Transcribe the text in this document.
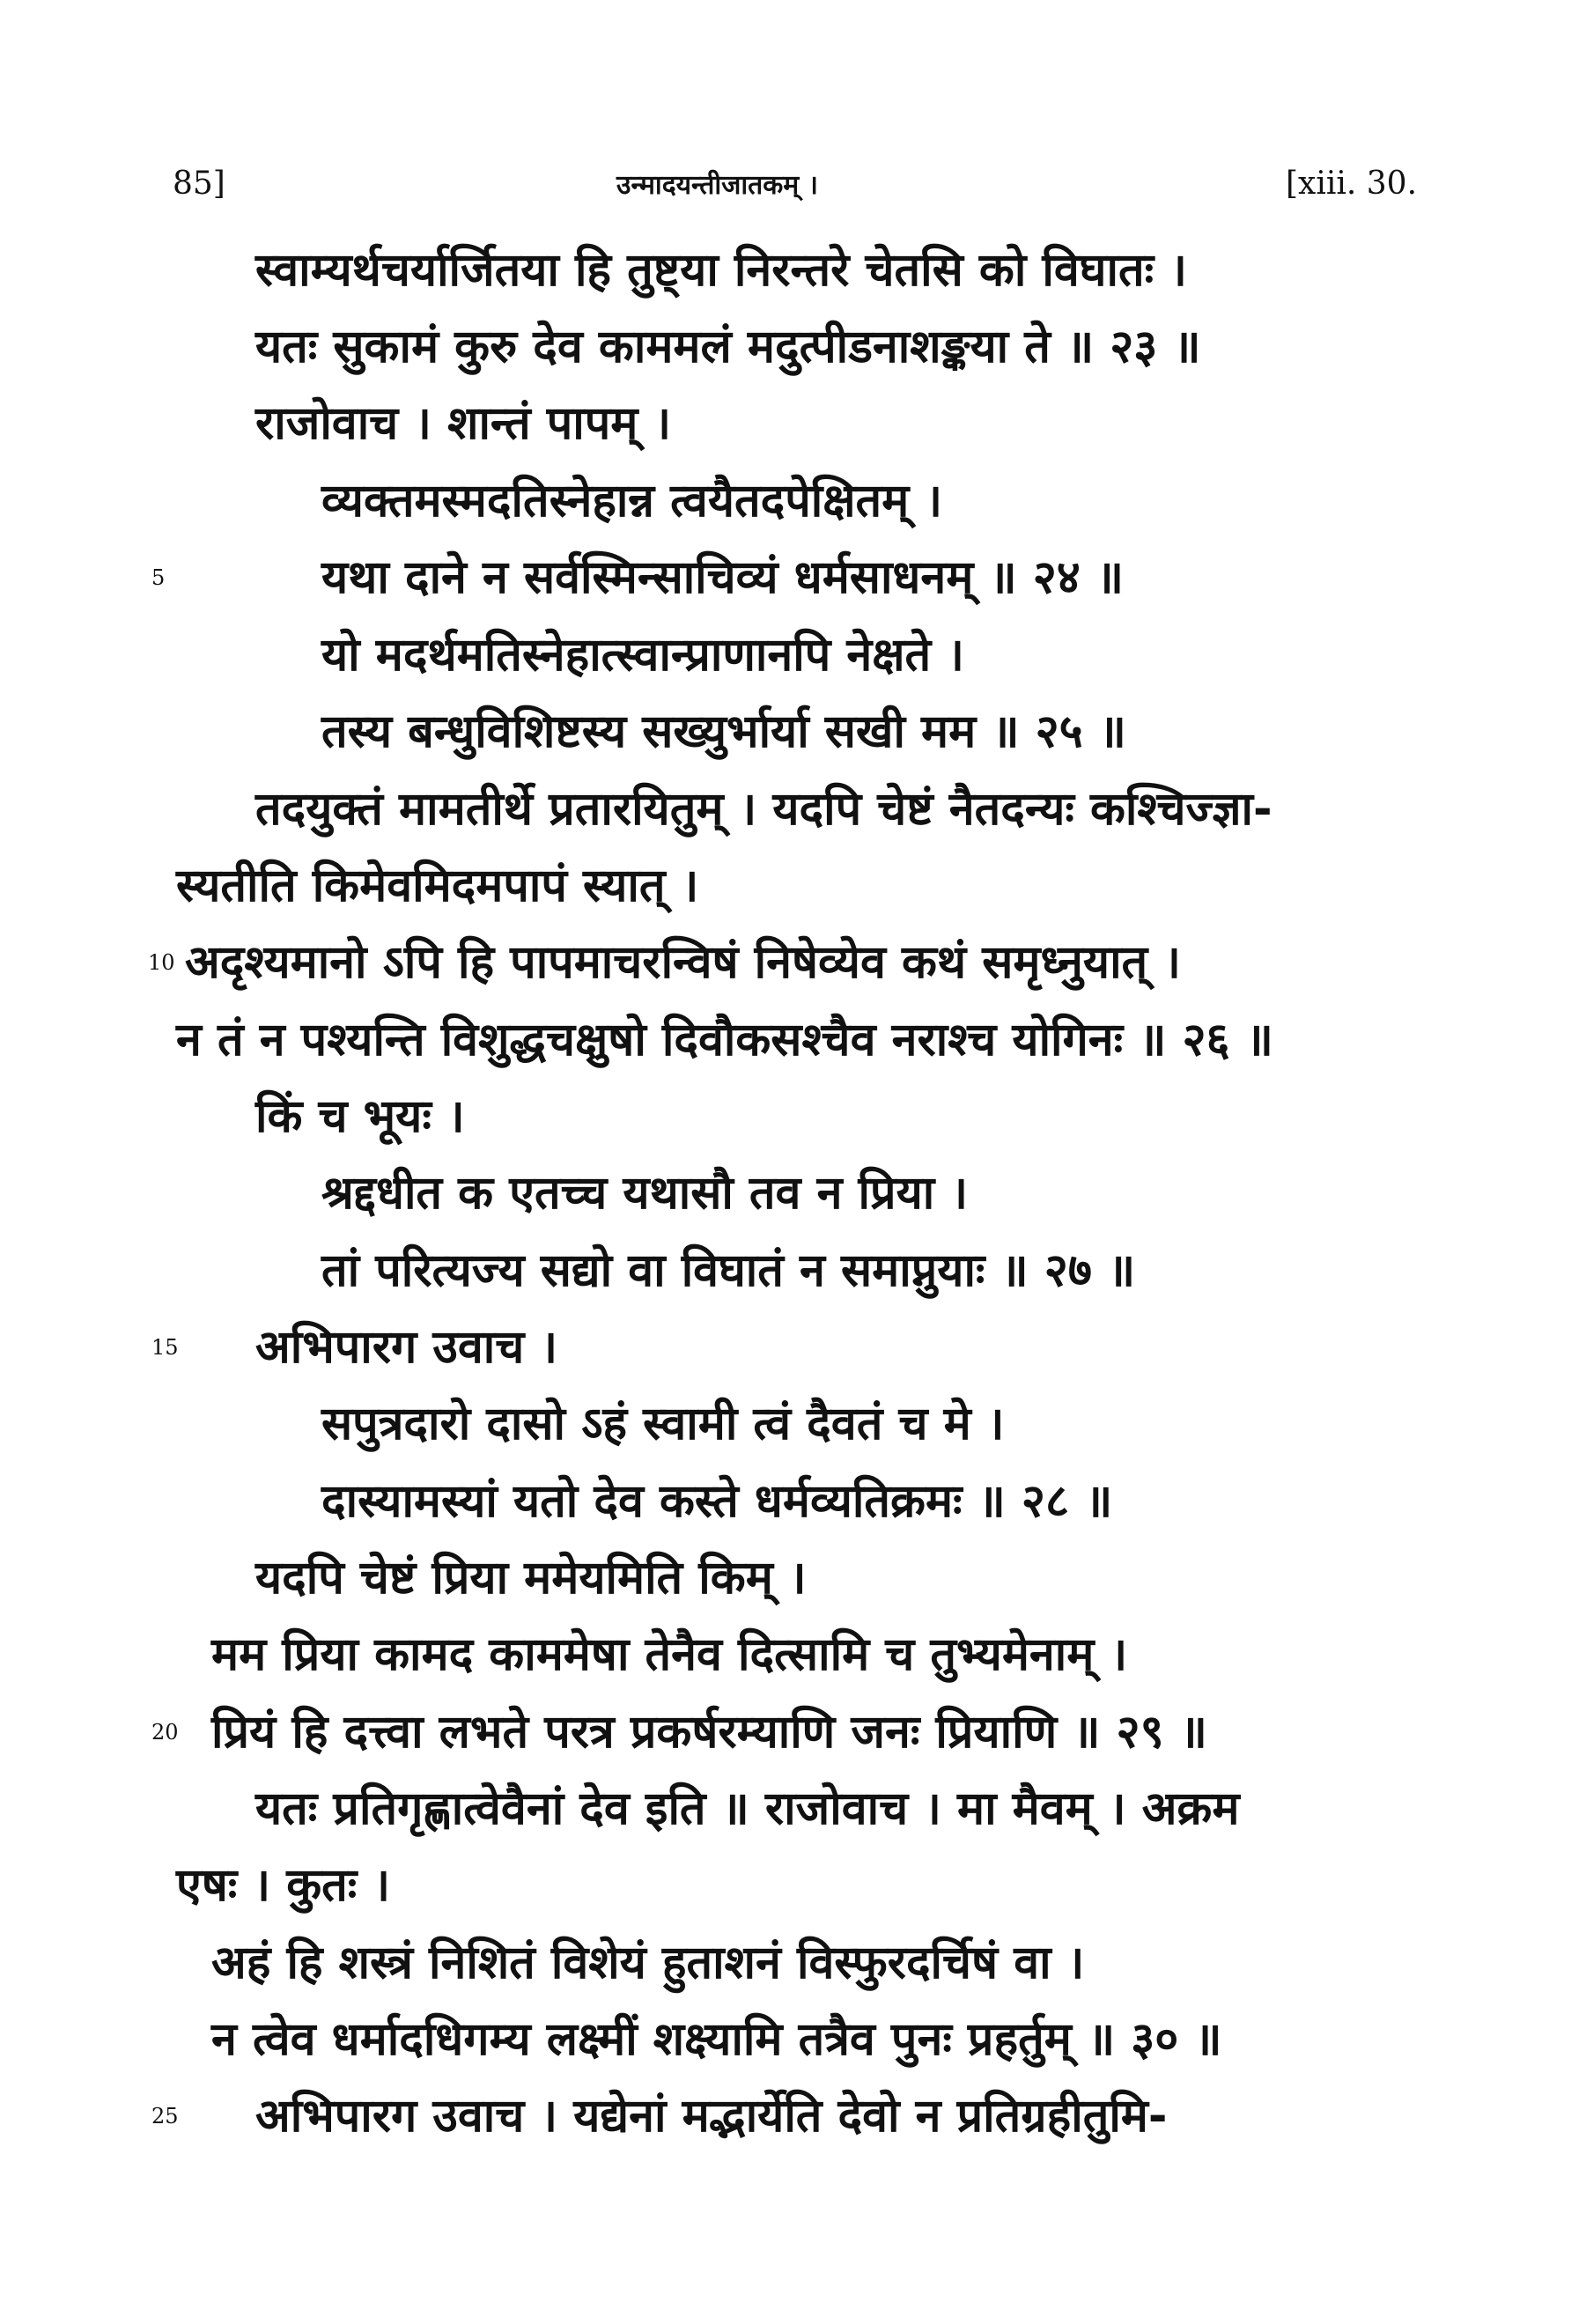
85]	उन्मादयन्तीजातकम् ।	[xiii. 30.
स्वाम्यर्थचर्यार्जितया हि तुष्ट्या निरन्तरे चेतसि को विघातः ।
यतः सुकामं कुरु देव काममलं मदुत्पीडनाशङ्कया ते ॥ २३ ॥
राजोवाच । शान्तं पापम् ।
व्यक्तमस्मदतिस्नेहान्न त्वयैतदपेक्षितम् ।
यथा दाने न सर्वस्मिन्साचिव्यं धर्मसाधनम् ॥ २४ ॥
यो मदर्थमतिस्नेहात्स्वान्प्राणानपि नेक्षते ।
तस्य बन्धुविशिष्टस्य सख्युर्भार्या सखी मम ॥ २५ ॥
तदयुक्तं मामतीर्थे प्रतारयितुम् । यदपि चेष्टं नैतदन्यः कश्चिज्ज्ञा-
स्यतीति किमेवमिदमपापं स्यात् ।
अदृश्यमानो ऽपि हि पापमाचरन्विषं निषेव्येव कथं समृध्नुयात् ।
न तं न पश्यन्ति विशुद्धचक्षुषो दिवौकसश्चैव नराश्च योगिनः ॥ २६ ॥
किं च भूयः ।
श्रद्दधीत क एतच्च यथासौ तव न प्रिया ।
तां परित्यज्य सद्यो वा विघातं न समाप्नुयाः ॥ २७ ॥
अभिपारग उवाच ।
सपुत्रदारो दासो ऽहं स्वामी त्वं दैवतं च मे ।
दास्यामस्यां यतो देव कस्ते धर्मव्यतिक्रमः ॥ २८ ॥
यदपि चेष्टं प्रिया ममेयमिति किम् ।
मम प्रिया कामद काममेषा तेनैव दित्सामि च तुभ्यमेनाम् ।
प्रियं हि दत्त्वा लभते परत्र प्रकर्षरम्याणि जनः प्रियाणि ॥ २९ ॥
यतः प्रतिगृह्णात्वेवैनां देव इति ॥ राजोवाच । मा मैवम् । अक्रम
एषः । कुतः ।
अहं हि शस्त्रं निशितं विशेयं हुताशनं विस्फुरदर्चिषं वा ।
न त्वेव धर्मादधिगम्य लक्ष्मीं शक्ष्यामि तत्रैव पुनः प्रहर्तुम् ॥ ३० ॥
अभिपारग उवाच । यद्येनां मद्भार्येति देवो न प्रतिग्रहीतुमि-
5
10
15
20
25
